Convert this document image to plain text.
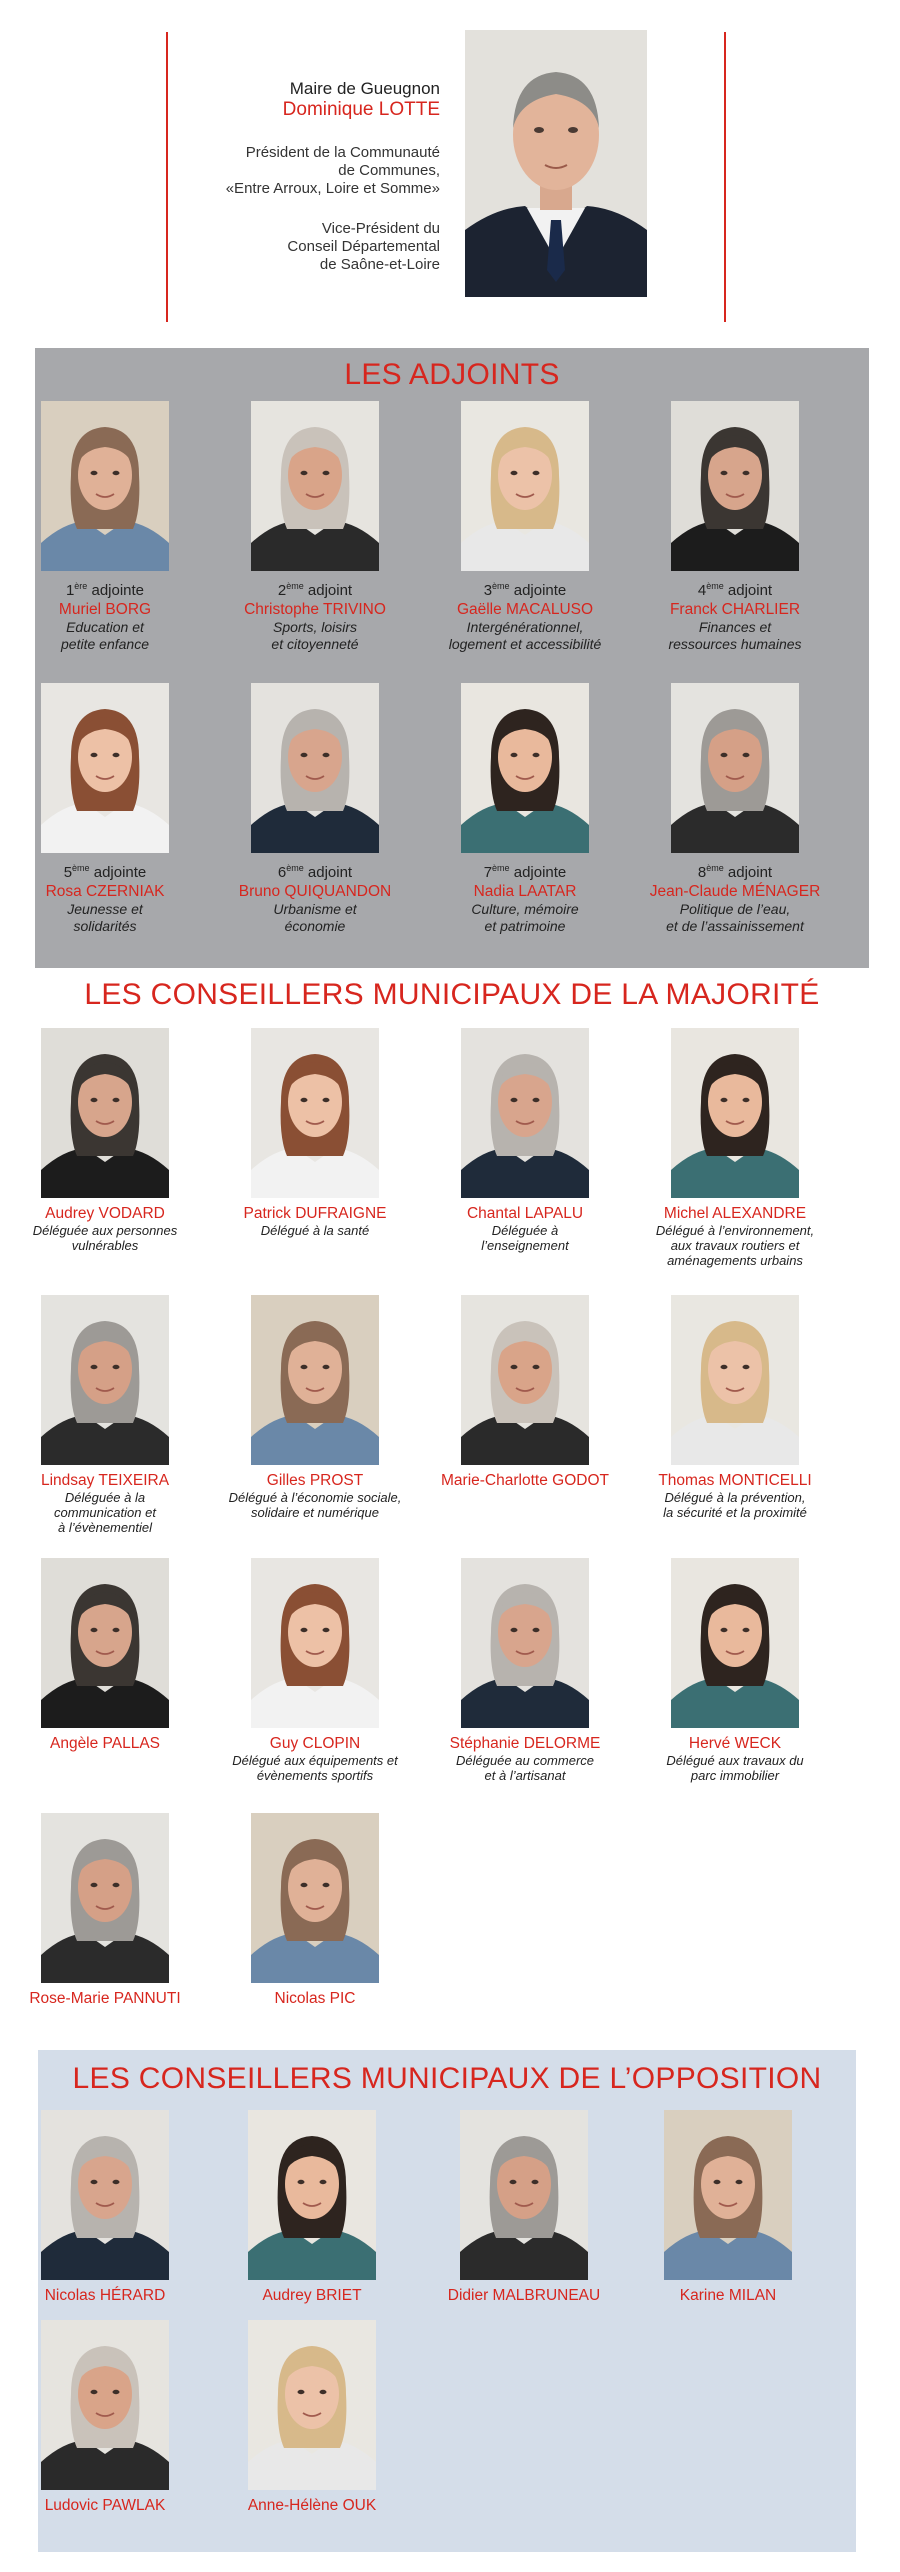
Maire de Gueugnon
Dominique LOTTE
Président de la Communauté
de Communes,
«Entre Arroux, Loire et Somme»
Vice-Président du
Conseil Départemental
de Saône-et-Loire
LES ADJOINTS
1ère adjointe
Muriel BORG
Education et
petite enfance
2ème adjoint
Christophe TRIVINO
Sports, loisirs
et citoyenneté
3ème adjointe
Gaëlle MACALUSO
Intergénérationnel,
logement et accessibilité
4ème adjoint
Franck CHARLIER
Finances et
ressources humaines
5ème adjointe
Rosa CZERNIAK
Jeunesse et
solidarités
6ème adjoint
Bruno QUIQUANDON
Urbanisme et
économie
7ème adjointe
Nadia LAATAR
Culture, mémoire
et patrimoine
8ème adjoint
Jean-Claude MÉNAGER
Politique de l’eau,
et de l’assainissement
LES CONSEILLERS MUNICIPAUX DE LA MAJORITÉ
Audrey VODARD
Déléguée aux personnes
vulnérables
Patrick DUFRAIGNE
Délégué à la santé
Chantal LAPALU
Déléguée à
l’enseignement
Michel ALEXANDRE
Délégué à l’environnement,
aux travaux routiers et
aménagements urbains
Lindsay TEIXEIRA
Déléguée à la
communication et
à l’évènementiel
Gilles PROST
Délégué à l’économie sociale,
solidaire et numérique
Marie-Charlotte GODOT	Thomas MONTICELLI
Délégué à la prévention,
la sécurité et la proximité
Angèle PALLAS	Guy CLOPIN
Délégué aux équipements et
évènements sportifs
Stéphanie DELORME
Déléguée au commerce
et à l’artisanat
Hervé WECK
Délégué aux travaux du
parc immobilier
Rose-Marie PANNUTI	Nicolas PIC
LES CONSEILLERS MUNICIPAUX DE L’OPPOSITION
Nicolas HÉRARD	Audrey BRIET	Didier MALBRUNEAU	Karine MILAN
Ludovic PAWLAK	Anne-Hélène OUK
